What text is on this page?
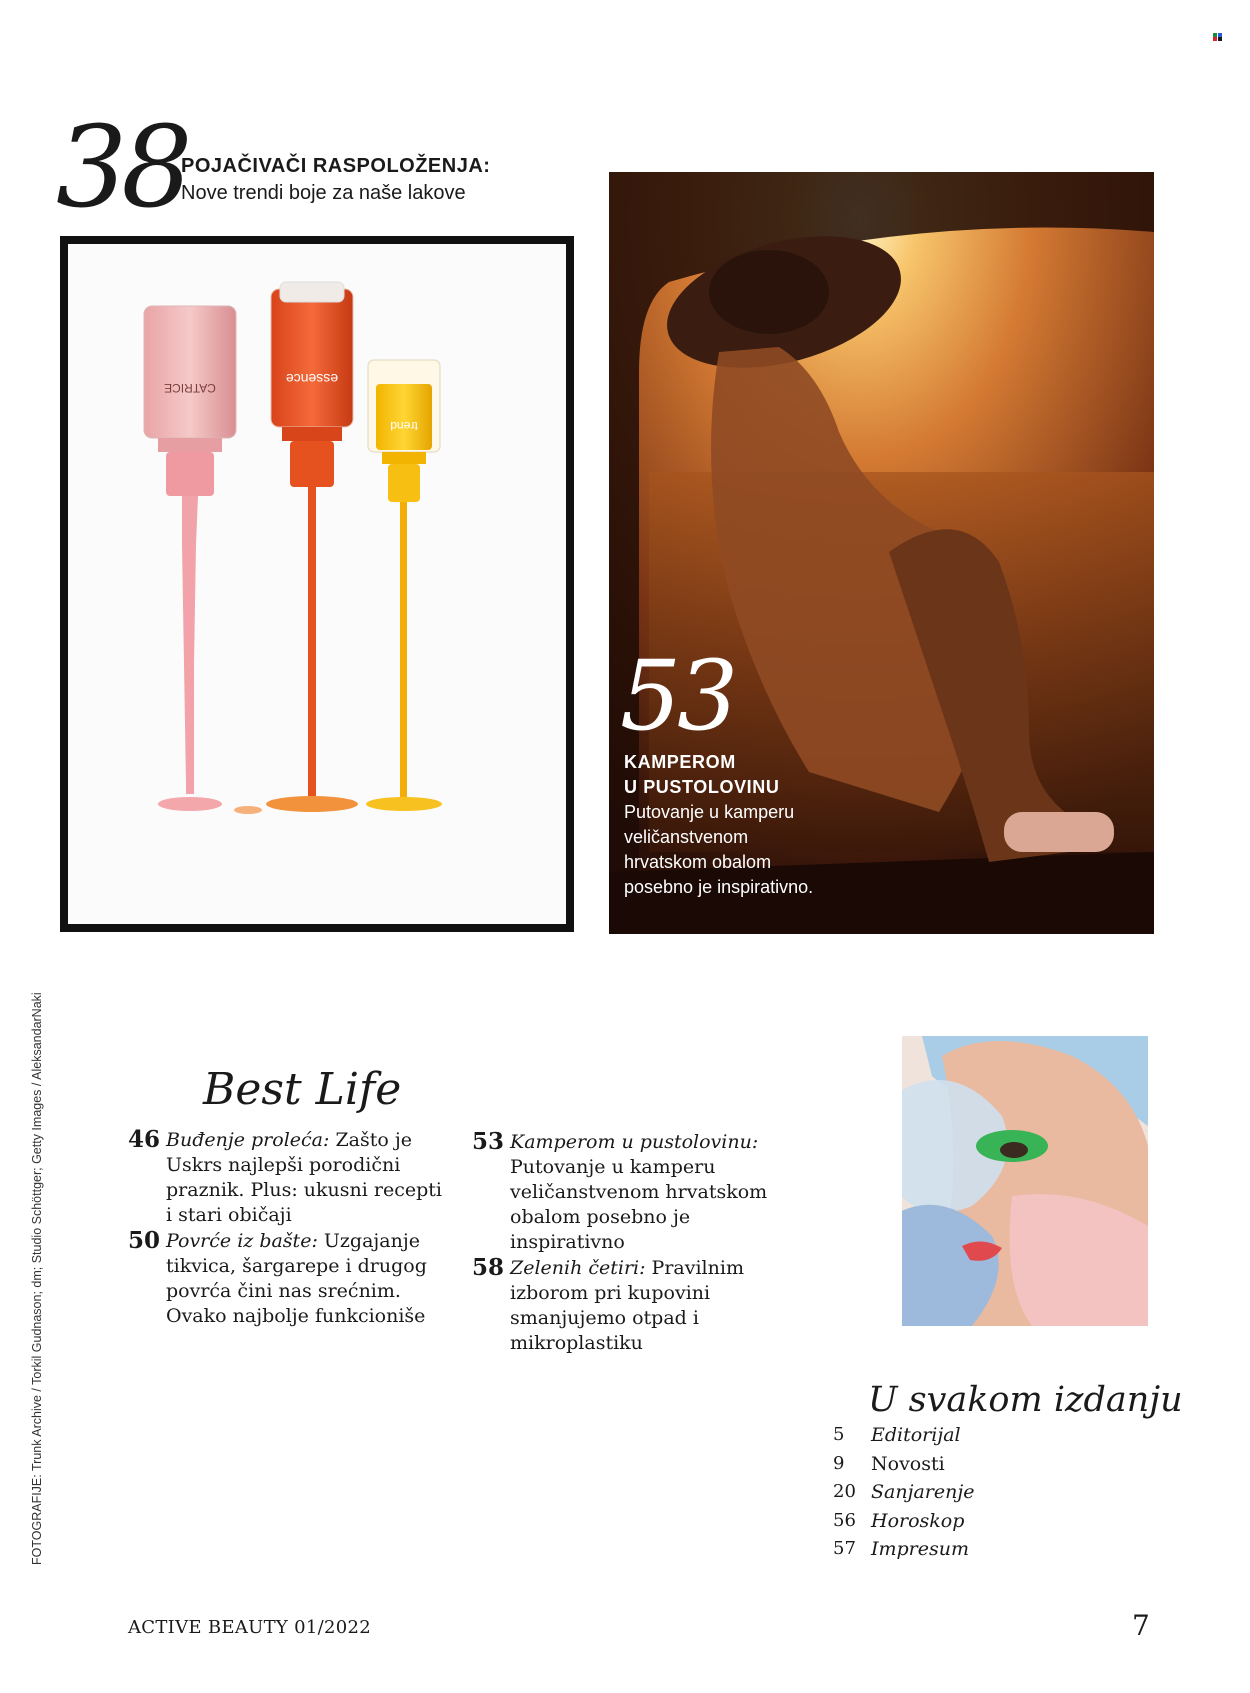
38
POJAČIVAČI RASPOLOŽENJA:
Nove trendi boje za naše lakove
CATRICE
essence
trend
53
KAMPEROM
U PUSTOLOVINU
Putovanje u kamperu
veličanstvenom
hrvatskom obalom
posebno je inspirativno.
FOTOGRAFIJE: Trunk Archive / Torkil Gudnason; dm; Studio Schöttger; Getty Images / AleksandarNaki	Best Life
46 Buđenje proleća: Zašto je Uskrs najlepši porodični praznik. Plus: ukusni recepti i stari običaji
50 Povrće iz bašte: Uzgajanje tikvica, šargarepe i drugog povrća čini nas srećnim. Ovako najbolje funkcioniše
53 Kamperom u pustolovinu: Putovanje u kamperu veličanstvenom hrvatskom obalom posebno je inspirativno
58 Zelenih četiri: Pravilnim izborom pri kupovini smanjujemo otpad i mikroplastiku
U svakom izdanju
5	Editorijal
9	Novosti
20 Sanjarenje
56 Horoskop
57 Impresum
ACTIVE BEAUTY 01/2022	7
